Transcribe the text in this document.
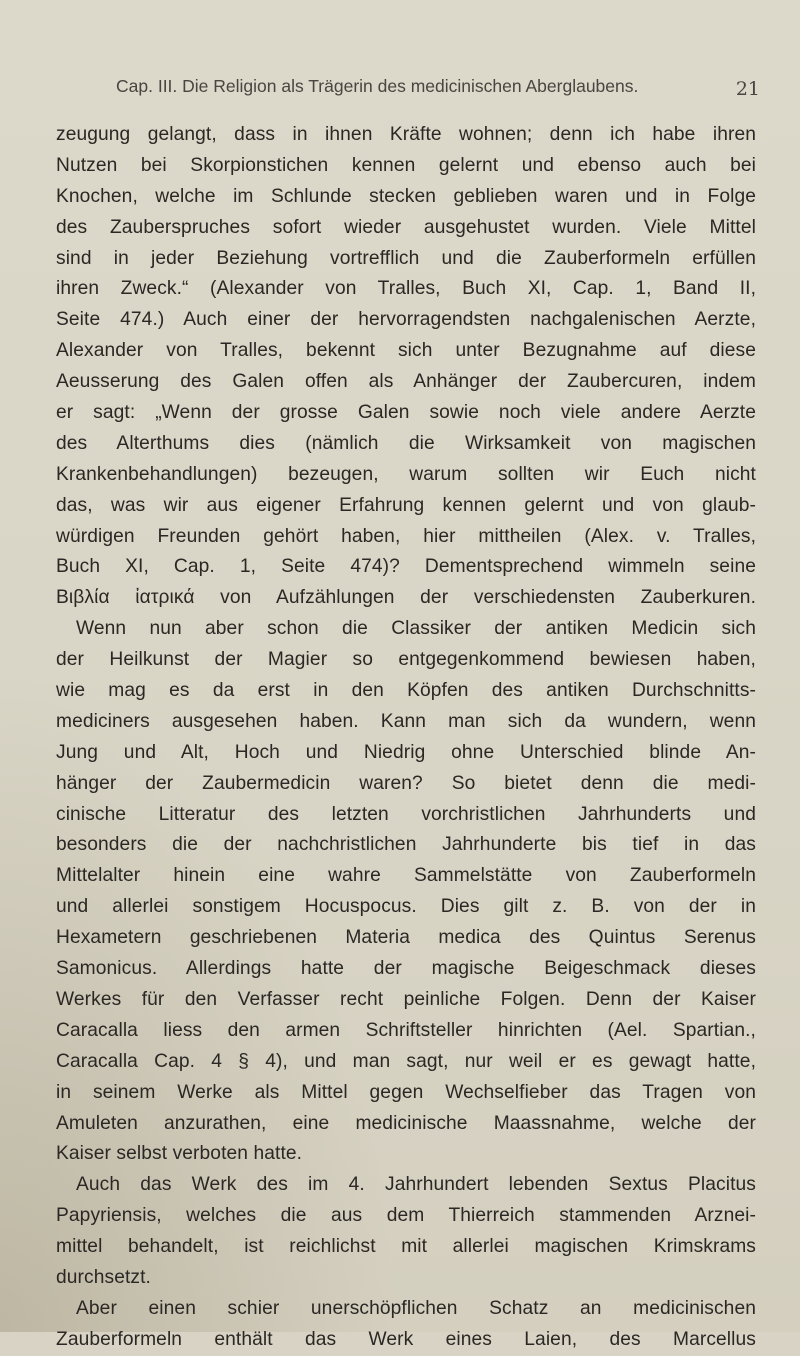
Cap. III. Die Religion als Trägerin des medicinischen Aberglaubens.	21
zeugung gelangt, dass in ihnen Kräfte wohnen; denn ich habe ihren
Nutzen bei Skorpionstichen kennen gelernt und ebenso auch bei
Knochen, welche im Schlunde stecken geblieben waren und in Folge
des Zauberspruches sofort wieder ausgehustet wurden. Viele Mittel
sind in jeder Beziehung vortrefflich und die Zauberformeln erfüllen
ihren Zweck.“ (Alexander von Tralles, Buch XI, Cap. 1, Band II,
Seite 474.) Auch einer der hervorragendsten nachgalenischen Aerzte,
Alexander von Tralles, bekennt sich unter Bezugnahme auf diese
Aeusserung des Galen offen als Anhänger der Zaubercuren, indem
er sagt: „Wenn der grosse Galen sowie noch viele andere Aerzte
des Alterthums dies (nämlich die Wirksamkeit von magischen
Krankenbehandlungen) bezeugen, warum sollten wir Euch nicht
das, was wir aus eigener Erfahrung kennen gelernt und von glaub-
würdigen Freunden gehört haben, hier mittheilen (Alex. v. Tralles,
Buch XI, Cap. 1, Seite 474)? Dementsprechend wimmeln seine
Βιβλία ἰατρικά von Aufzählungen der verschiedensten Zauberkuren.
Wenn nun aber schon die Classiker der antiken Medicin sich
der Heilkunst der Magier so entgegenkommend bewiesen haben,
wie mag es da erst in den Köpfen des antiken Durchschnitts-
mediciners ausgesehen haben. Kann man sich da wundern, wenn
Jung und Alt, Hoch und Niedrig ohne Unterschied blinde An-
hänger der Zaubermedicin waren? So bietet denn die medi-
cinische Litteratur des letzten vorchristlichen Jahrhunderts und
besonders die der nachchristlichen Jahrhunderte bis tief in das
Mittelalter hinein eine wahre Sammelstätte von Zauberformeln
und allerlei sonstigem Hocuspocus. Dies gilt z. B. von der in
Hexametern geschriebenen Materia medica des Quintus Serenus
Samonicus. Allerdings hatte der magische Beigeschmack dieses
Werkes für den Verfasser recht peinliche Folgen. Denn der Kaiser
Caracalla liess den armen Schriftsteller hinrichten (Ael. Spartian.,
Caracalla Cap. 4 § 4), und man sagt, nur weil er es gewagt hatte,
in seinem Werke als Mittel gegen Wechselfieber das Tragen von
Amuleten anzurathen, eine medicinische Maassnahme, welche der
Kaiser selbst verboten hatte.
Auch das Werk des im 4. Jahrhundert lebenden Sextus Placitus
Papyriensis, welches die aus dem Thierreich stammenden Arznei-
mittel behandelt, ist reichlichst mit allerlei magischen Krimskrams
durchsetzt.
Aber einen schier unerschöpflichen Schatz an medicinischen
Zauberformeln enthält das Werk eines Laien, des Marcellus
